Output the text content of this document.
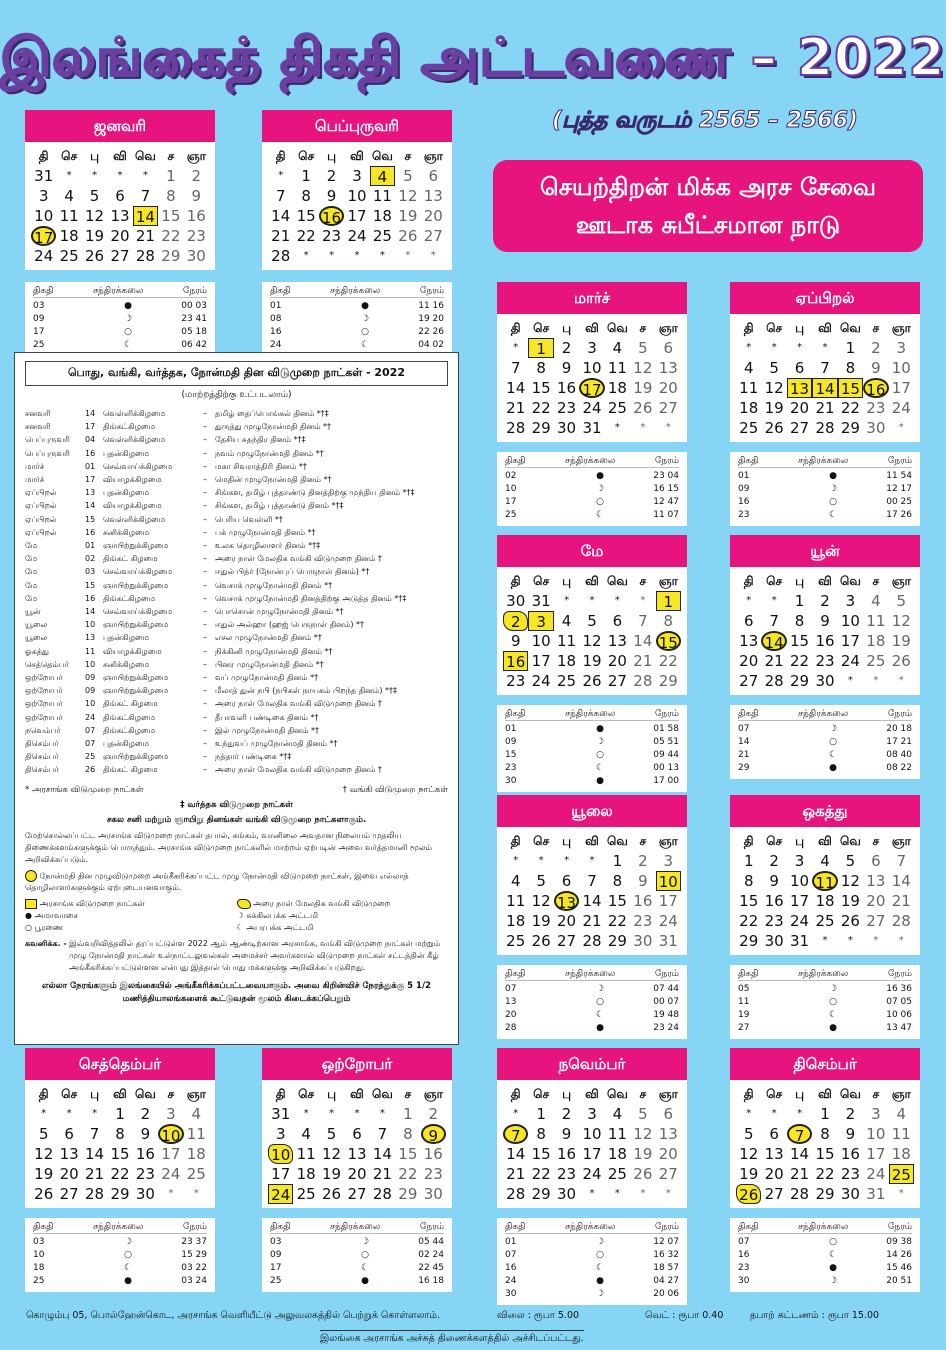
இலங்கைத் திகதி அட்டவணை – 2022
(புத்த வருடம் 2565 – 2566)
செயற்திறன் மிக்க அரச சேவை
ஊடாக சுபீட்சமான நாடு
ஜனவரி
தி	செ	பு	வி வெ ச	ஞா
31	*	*	*	*	1	2
3	4	5	6	7	8	9
10 11 12 13 14 15 16
17 18 19 20 21 22 23
24 25 26 27 28 29 30
திகதி	சந்திரக்கலை	நேரம்
03	●	00 03
09	☽	23 41
17	○	05 18
25	☾	06 42
பெப்புருவரி
தி	செ	பு	வி வெ ச	ஞா
*	1	2	3	4	5	6
7	8	9 10 11 12 13
14 15 16 17 18 19 20
21 22 23 24 25 26 27
28	*	*	*	*	*	*
திகதி	சந்திரக்கலை	நேரம்
01	●	11 16
08	☽	19 20
16	○	22 26
24	☾	04 02
மார்ச்
தி	செ	பு	வி வெ ச	ஞா
*	1	2	3	4	5	6
7	8	9 10 11 12 13
14 15 16 17 18 19 20
21 22 23 24 25 26 27
28 29 30 31	*	*	*
திகதி	சந்திரக்கலை	நேரம்
02	●	23 04
10	☽	16 15
17	○	12 47
25	☾	11 07
ஏப்பிறல்
தி	செ	பு	வி வெ ச	ஞா
*	*	*	*	1	2	3
4	5	6	7	8	9 10
11 12 13 14 15 16 17
18 19 20 21 22 23 24
25 26 27 28 29 30	*
திகதி	சந்திரக்கலை	நேரம்
01	●	11 54
09	☽	12 17
16	○	00 25
23	☾	17 26
மே
தி	செ	பு	வி வெ ச	ஞா
30 31	*	*	*	*	1
2	3	4	5	6	7	8
9 10 11 12 13 14 15
16 17 18 19 20 21 22
23 24 25 26 27 28 29
திகதி	சந்திரக்கலை	நேரம்
01	●	01 58
09	☽	05 51
15	○	09 44
23	☾	00 13
30	●	17 00
யூன்
தி	செ	பு	வி வெ ச	ஞா
*	*	1	2	3	4	5
6	7	8	9 10 11 12
13 14 15 16 17 18 19
20 21 22 23 24 25 26
27 28 29 30	*	*	*
திகதி	சந்திரக்கலை	நேரம்
07	☽	20 18
14	○	17 21
21	☾	08 40
29	●	08 22
யூலை
தி	செ	பு	வி வெ ச	ஞா
*	*	*	*	1	2	3
4	5	6	7	8	9 10
11 12 13 14 15 16 17
18 19 20 21 22 23 24
25 26 27 28 29 30 31
திகதி	சந்திரக்கலை	நேரம்
07	☽	07 44
13	○	00 07
20	☾	19 48
28	●	23 24
ஒகத்து
தி	செ	பு	வி வெ ச	ஞா
1	2	3	4	5	6	7
8	9 10 11 12 13 14
15 16 17 18 19 20 21
22 23 24 25 26 27 28
29 30 31	*	*	*	*
திகதி	சந்திரக்கலை	நேரம்
05	☽	16 36
11	○	07 05
19	☾	10 06
27	●	13 47
செத்தெம்பர்
தி	செ	பு	வி வெ ச	ஞா
*	*	*	1	2	3	4
5	6	7	8	9 10 11
12 13 14 15 16 17 18
19 20 21 22 23 24 25
26 27 28 29 30	*	*
திகதி	சந்திரக்கலை	நேரம்
03	☽	23 37
10	○	15 29
18	☾	03 22
25	●	03 24
ஒற்றோபர்
தி	செ	பு	வி வெ ச	ஞா
31	*	*	*	*	1	2
3	4	5	6	7	8	9
10 11 12 13 14 15 16
17 18 19 20 21 22 23
24 25 26 27 28 29 30
திகதி	சந்திரக்கலை	நேரம்
03	☽	05 44
09	○	02 24
17	☾	22 45
25	●	16 18
நவெம்பர்
தி	செ	பு	வி வெ ச	ஞா
*	1	2	3	4	5	6
7	8	9 10 11 12 13
14 15 16 17 18 19 20
21 22 23 24 25 26 27
28 29 30	*	*	*	*
திகதி	சந்திரக்கலை	நேரம்
01	☽	12 07
07	○	16 32
16	☾	18 57
24	●	04 27
30	☽	20 06
திசெம்பர்
தி	செ	பு	வி வெ ச	ஞா
*	*	*	1	2	3	4
5	6	7	8	9 10 11
12 13 14 15 16 17 18
19 20 21 22 23 24 25
26 27 28 29 30 31	*
திகதி	சந்திரக்கலை	நேரம்
07	○	09 38
16	☾	14 26
23	●	15 46
30	☽	20 51
பொது, வங்கி, வர்த்தக, நோன்மதி தின விடுமுறை நாட்கள் - 2022
(மாற்றத்திற்கு உட்படலாம்)
சனவரி	14 வெள்ளிக்கிழமை	–	தமிழ் தைப்பொங்கல் தினம் *†‡
சனவரி	17 திங்கட்கிழமை	–	துருத்து முழுநோன்மதி தினம் *†
பெப்புருவரி	04 வெள்ளிக்கிழமை	–	தேசிய சுதந்திர தினம் *†‡
பெப்புருவரி	16 புதன்கிழமை	–	நவம் முழுநோன்மதி தினம் *†
மார்ச்	01 செவ்வாய்க்கிழமை	–	மகா சிவராத்திரி தினம் *†
மார்ச்	17 வியாழக்கிழமை	–	மெதின் முழுநோன்மதி தினம் *†
ஏப்பிறல்	13 புதன்கிழமை	–	சிங்கள, தமிழ் புத்தாண்டு தினத்திற்கு முந்திய தினம் *†‡
ஏப்பிறல்	14 வியாழக்கிழமை	–	சிங்கள, தமிழ் புத்தாண்டு தினம் *†‡
ஏப்பிறல்	15 வெள்ளிக்கிழமை	–	பெரிய வெள்ளி *†
ஏப்பிறல்	16 சனிக்கிழமை	–	பக் முழுநோன்மதி தினம் *†
மே	01 ஞாயிற்றுக்கிழமை	–	உலக தொழிலாளர் தினம் *†‡
மே	02 திங்கட் கிழமை	–	அரை நாள் மேலதிக வங்கி விடுமுறை தினம் †
மே	03 செவ்வாய்க்கிழமை	–	ஈதுல் பித்ர் (நோன்புப் பெருநாள் தினம்) *†
மே	15 ஞாயிற்றுக்கிழமை	–	வெசாக் முழுநோன்மதி தினம் *†
மே	16 திங்கட்கிழமை	–	வெசாக் முழுநோன்மதி தினத்திற்கு அடுத்த தினம் *†‡
யூன்	14 செவ்வாய்க்கிழமை	–	பொசொன் முழுநோன்மதி தினம் *†
யூலை	10 ஞாயிற்றுக்கிழமை	–	ஈதுல் அல்ஹா (ஹஜ் பெருநாள் தினம்) *†
யூலை	13 புதன்கிழமை	–	எசல முழுநோன்மதி தினம் *†
ஓகத்து	11 வியாழக்கிழமை	–	நிக்கினி முழுநோன்மதி தினம் *†
செத்தெம்பர்	10 சனிக்கிழமை	–	பினர முழுநோன்மதி தினம் *†
ஒற்றோபர்	09 ஞாயிற்றுக்கிழமை	–	வப் முழுநோன்மதி தினம் *†
ஒற்றோபர்	09 ஞாயிற்றுக்கிழமை	–	மீலாத் துன் நபி (நபிகள் நாயகம் பிறந்த தினம்) *†‡
ஒற்றோபர்	10 திங்கட் கிழமை	–	அரை நாள் மேலதிக வங்கி விடுமுறை தினம் †
ஒற்றோபர்	24 திங்கட்கிழமை	–	தீபாவளி பண்டிகை தினம் *†
நவெம்பர்	07 திங்கட்கிழமை	–	இல் முழுநோன்மதி தினம் *†
திசெம்பர்	07 புதன்கிழமை	–	உந்துவப் முழுநோன்மதி தினம் *†
திசெம்பர்	25 ஞாயிற்றுக்கிழமை	–	நத்தார் பண்டிகை *†‡
திசெம்பர்	26 திங்கட் கிழமை	–	அரை நாள் மேலதிக வங்கி விடுமுறை தினம் †
* அரசாங்க விடுமுறை நாட்கள்	† வங்கி விடுமுறை நாட்கள்
‡ வர்த்தக விடுமுறை நாட்கள்
சகல சனி மற்றும் ஞாயிறு தினங்கள் வங்கி விடுமுறை நாட்களாகும்.
மேற்சொல்லப்பட்ட அரசாங்க விடுமுறை நாட்கள் தபால், சுங்கம், வானிலை அவதான நிலையம் முதலிய திணைக்களங்களுக்கும் பொருந்தும். அரசாங்க விடுமுறை நாட்களில் மாற்றம் ஏற்படின் அவை வர்த்தமானி மூலம் அறிவிக்கப்படும்.
நோன்மதி தின முழுவிடுமுறை அங்கீகரிக்கப்பட்ட முழு நோன்மதி விடுமுறை நாட்கள், இவை எல்லாத் தொழிலாளர்களுக்கும் ஏற்புடையனவாகும்.
அரசாங்க விடுமுறை நாட்கள்	அரை நாள் மேலதிக வங்கி விடுமுறை
● அமாவாசை	☽ சுக்கிலபக்க அட்டமி
○ பூரணை	☾ அபரபக்க அட்டமி
கவனிக்க. - இவ்வறிவித்தலில் தரப்பட்டுள்ள 2022 ஆம் ஆண்டிற்கான அரசாங்க, வங்கி விடுமுறை நாட்கள் மற்றும் முழு நோன்மதி நாட்கள் உள்நாட்டலுவல்கள் அமைச்சர் அவர்களால் விடுமுறை நாட்கள் சட்டத்தின் கீழ் அங்கீகரிக்கப்பட்டுள்ளன என்பது இத்தால் பொது மக்களுக்கு அறிவிக்கப்படுகிறது.
எல்லா நேரங்களும் இலங்கையில் அங்கீகரிக்கப்பட்டவையாகும். அவை கிறின்விச் நேரத்துக்கு 5 1/2 மணித்தியாலங்களைக் கூட்டுவதன் மூலம் கிடைக்கப்பெறும்
கொழும்பு 05, பொல்ஹேன்கொட, அரசாங்க வெளியீட்டு அலுவலகத்தில் பெற்றுக் கொள்ளலாம்.	விலை : ரூபா 5.00	வெட் : ரூபா 0.40	தபாற் கட்டணம் : ரூபா 15.00
இலங்கை அரசாங்க அச்சுத் திணைக்களத்தில் அச்சிடப்பட்டது.
